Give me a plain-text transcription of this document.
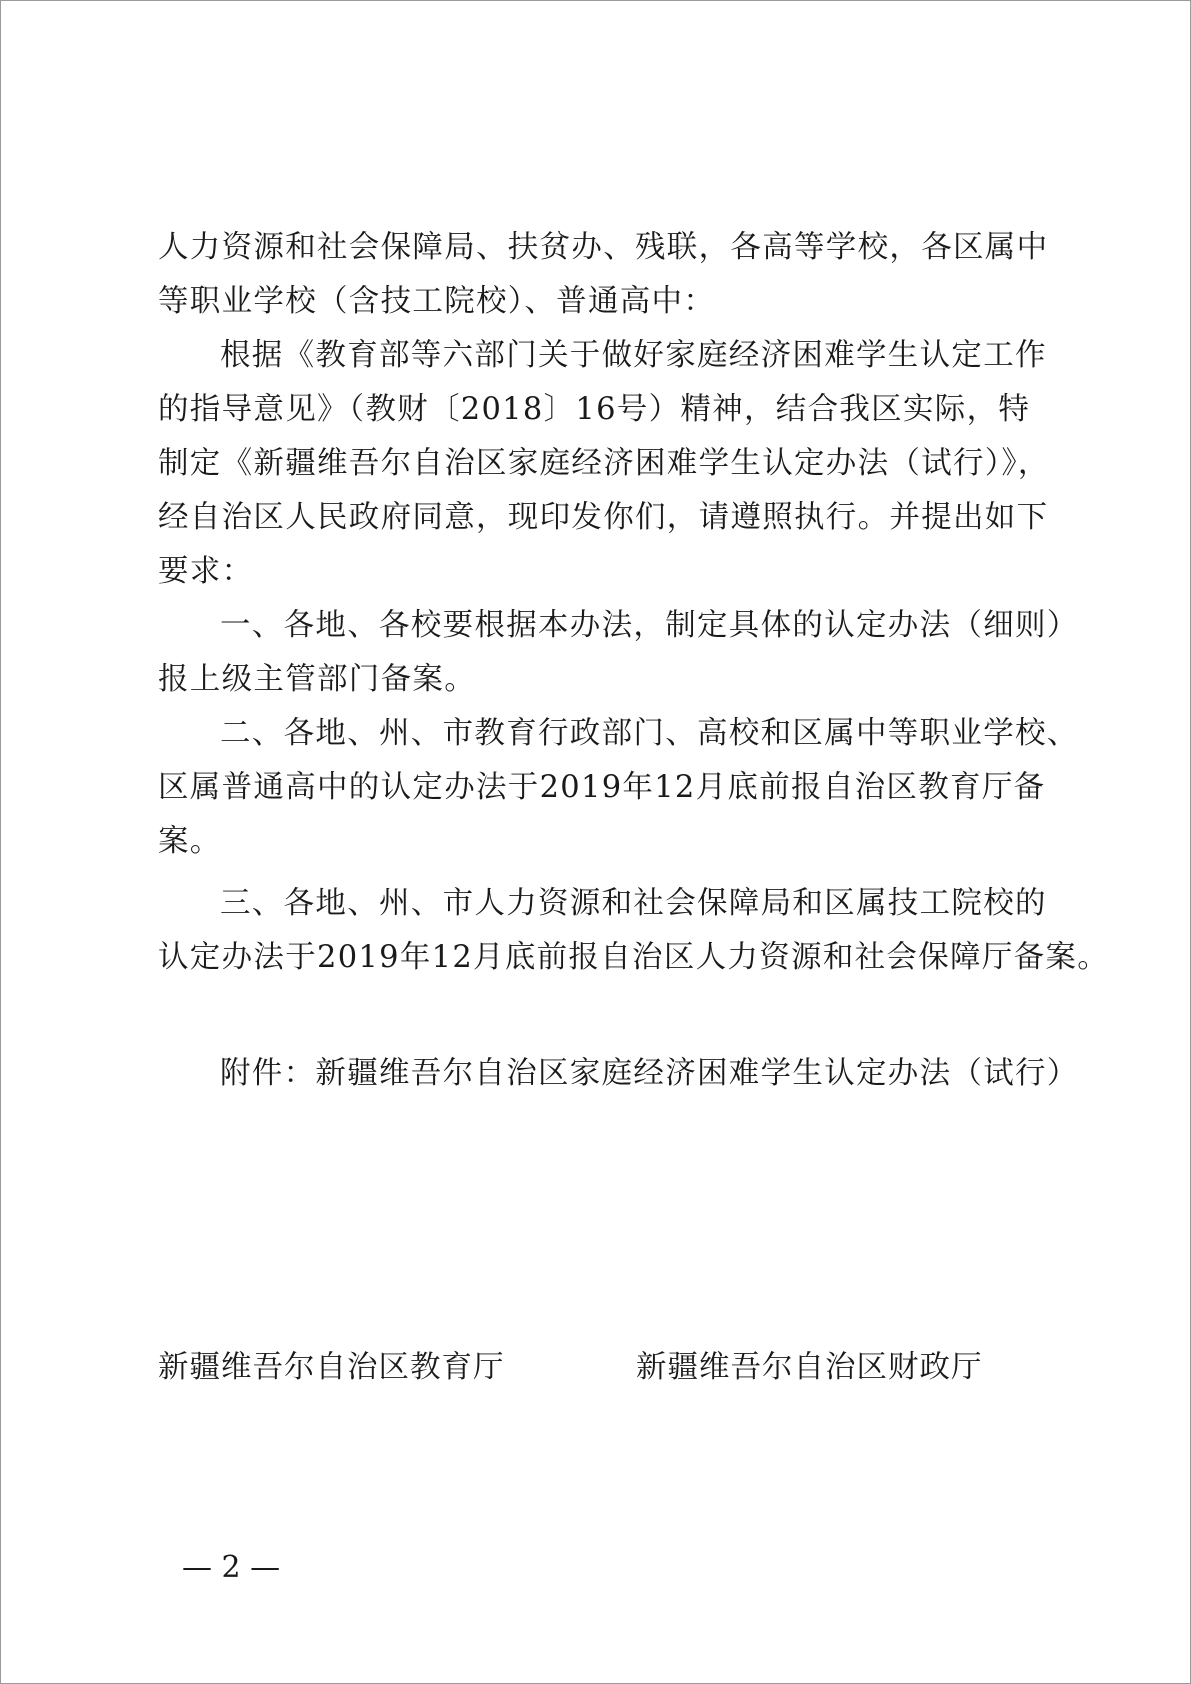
人力资源和社会保障局、扶贫办、残联，各高等学校，各区属中
等职业学校（含技工院校）、普通高中：
根据《教育部等六部门关于做好家庭经济困难学生认定工作
的指导意见》（教财〔2018〕16号）精神，结合我区实际，特
制定《新疆维吾尔自治区家庭经济困难学生认定办法（试行）》，
经自治区人民政府同意，现印发你们，请遵照执行。并提出如下
要求：
一、各地、各校要根据本办法，制定具体的认定办法（细则）
报上级主管部门备案。
二、各地、州、市教育行政部门、高校和区属中等职业学校、
区属普通高中的认定办法于2019年12月底前报自治区教育厅备
案。
三、各地、州、市人力资源和社会保障局和区属技工院校的
认定办法于2019年12月底前报自治区人力资源和社会保障厅备案。
附件：新疆维吾尔自治区家庭经济困难学生认定办法（试行）
新疆维吾尔自治区教育厅	新疆维吾尔自治区财政厅
— 2 —
